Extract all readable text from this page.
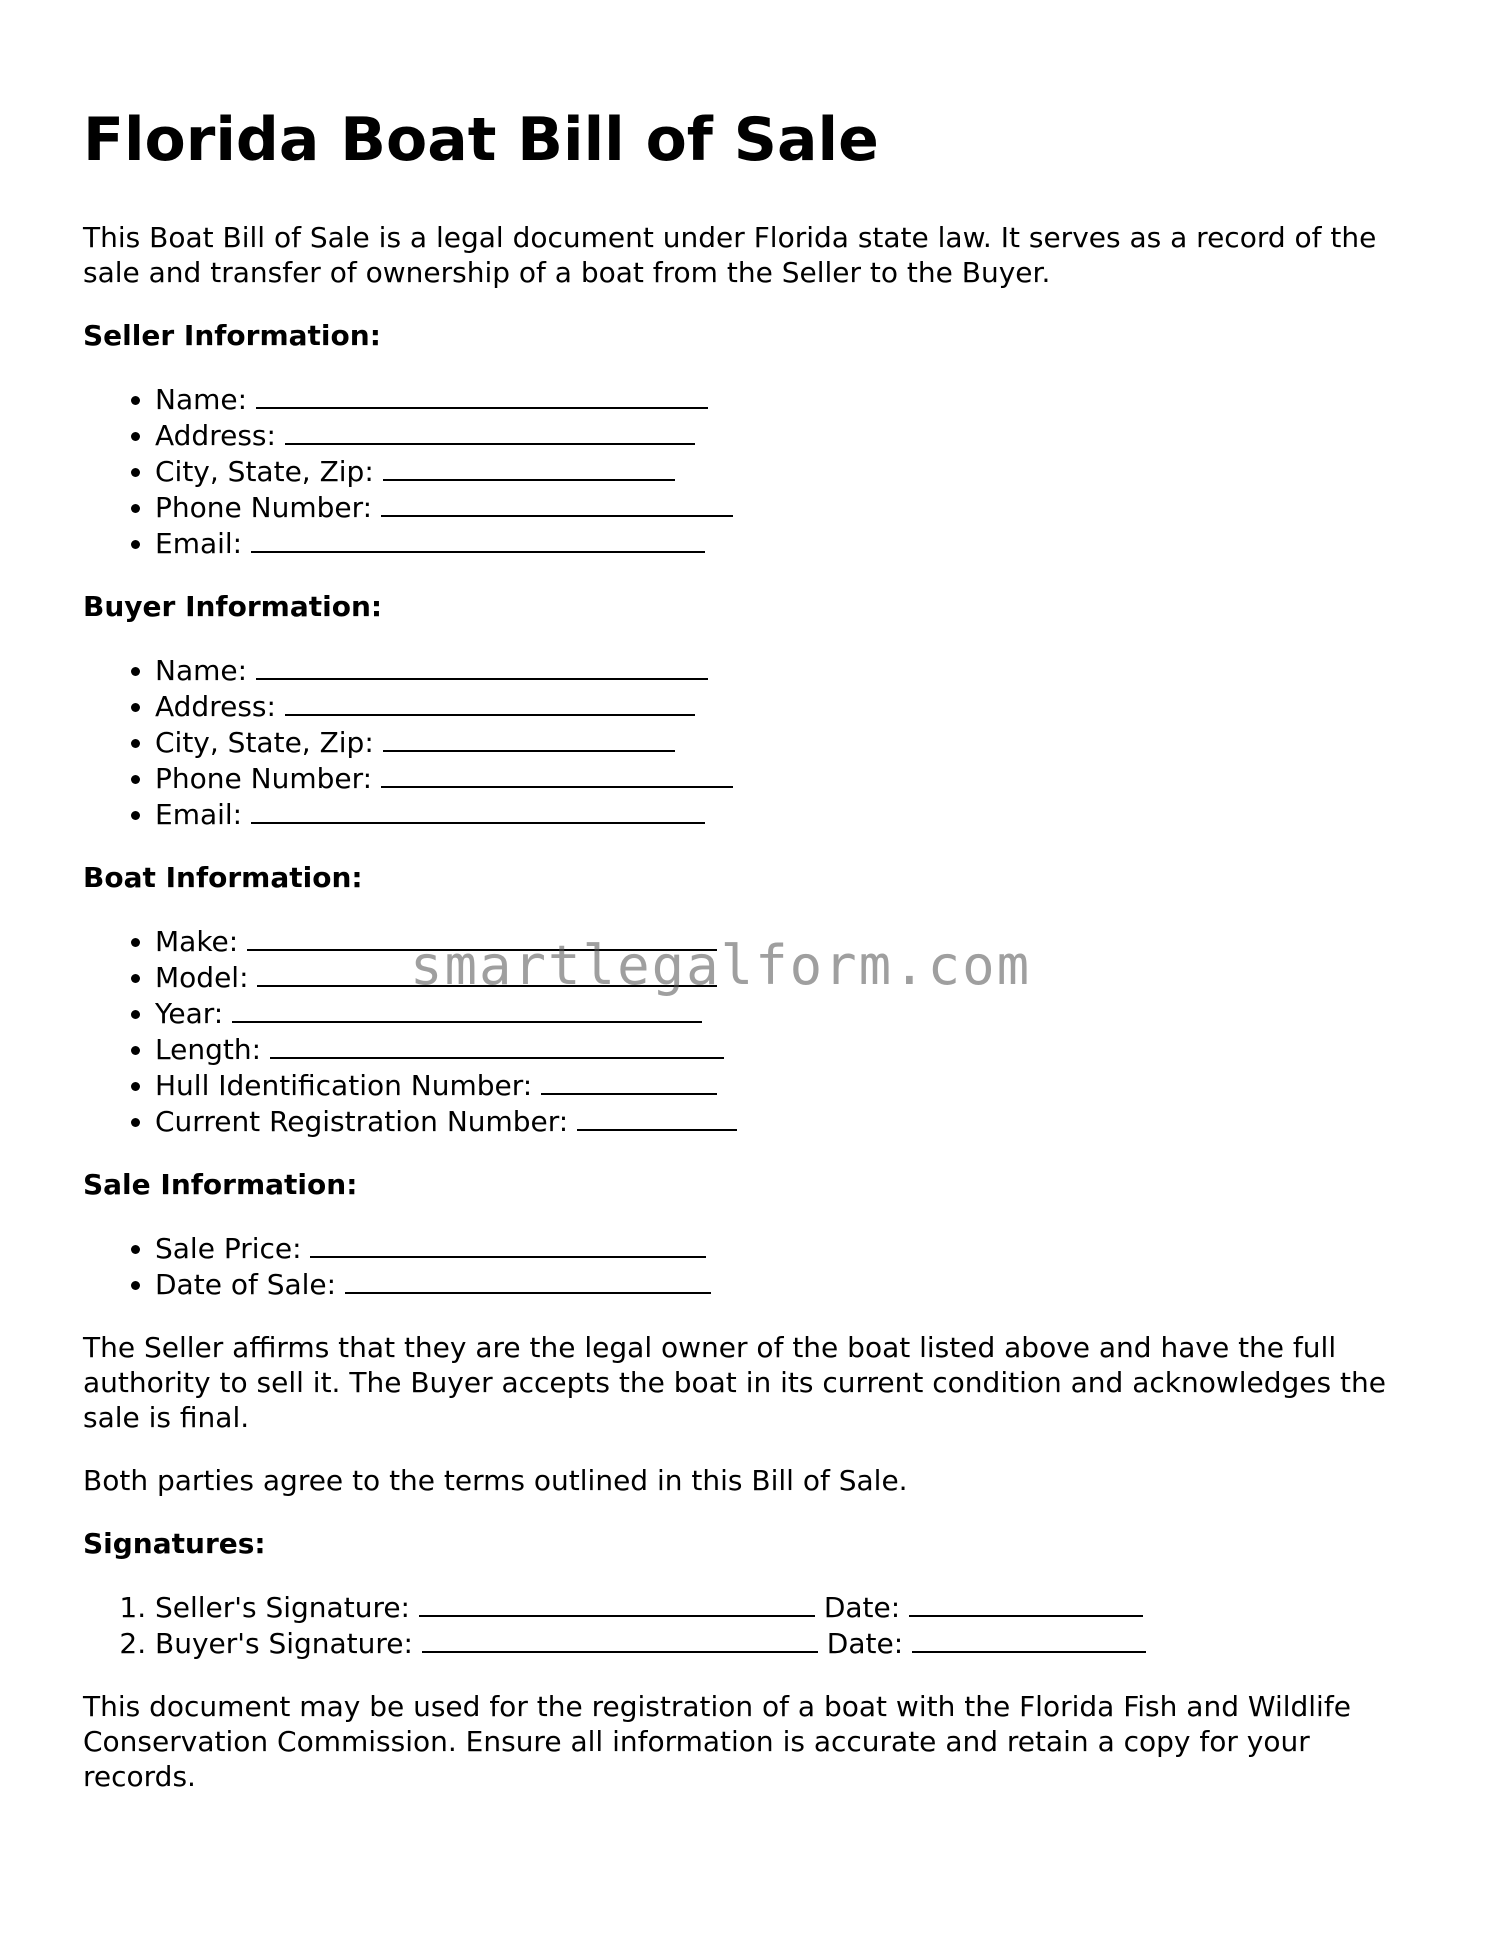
Florida Boat Bill of Sale

This Boat Bill of Sale is a legal document under Florida state law. It serves as a record of the sale and transfer of ownership of a boat from the Seller to the Buyer.

Seller Information:
• Name:
• Address:
• City, State, Zip:
• Phone Number:
• Email:
Buyer Information:
• Name:
• Address:
• City, State, Zip:
• Phone Number:
• Email:
Boat Information:
• Make:
• Model:
• Year:
• Length:
• Hull Identification Number:
• Current Registration Number:
Sale Information:
• Sale Price:
• Date of Sale:

The Seller affirms that they are the legal owner of the boat listed above and have the full authority to sell it. The Buyer accepts the boat in its current condition and acknowledges the sale is final.

Both parties agree to the terms outlined in this Bill of Sale.

Signatures:
1. Seller's Signature:	Date:
2. Buyer's Signature:	Date:

This document may be used for the registration of a boat with the Florida Fish and Wildlife Conservation Commission. Ensure all information is accurate and retain a copy for your records.

smartlegalform.com
